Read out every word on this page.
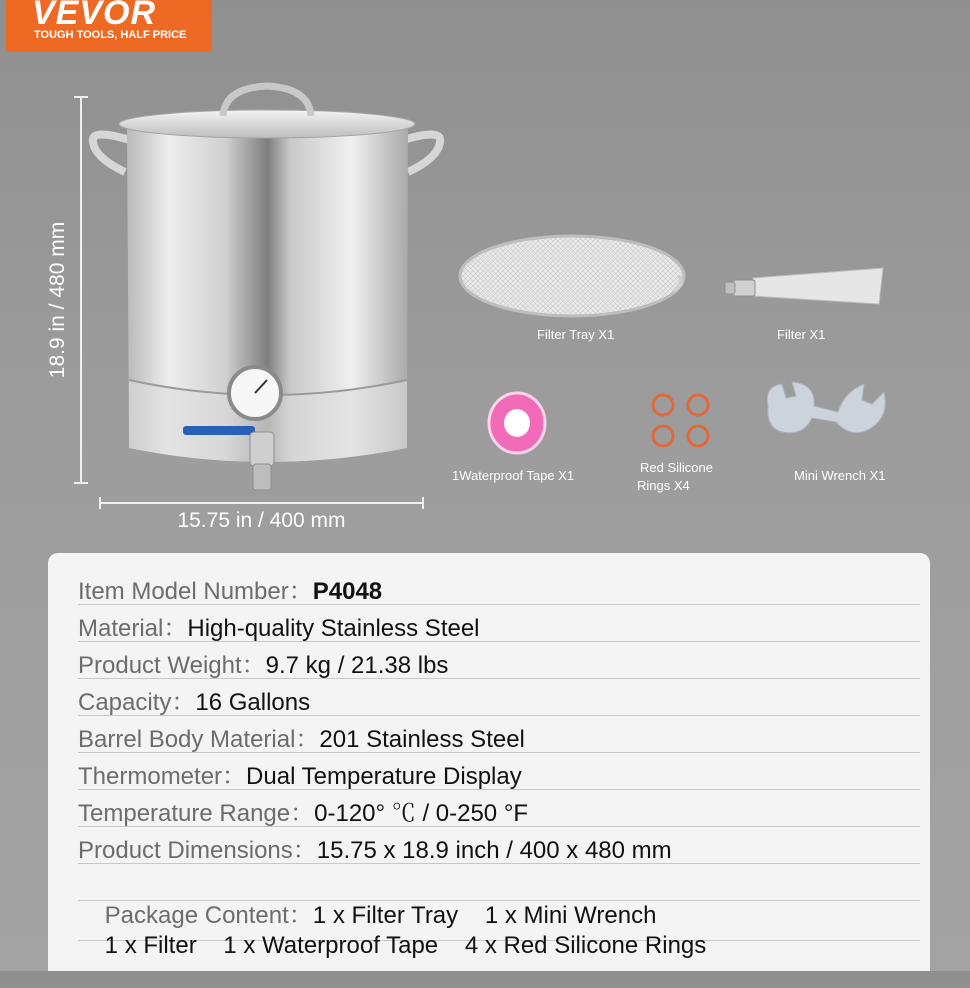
VEVOR
TOUGH TOOLS, HALF PRICE
18.9 in / 480 mm
15.75 in / 400 mm
Filter Tray X1	Filter X1
1Waterproof Tape X1
Red Silicone
Rings X4
Mini Wrench X1
Item Model Number：P4048
Material：High-quality Stainless Steel
Product Weight：9.7 kg / 21.38 lbs
Capacity：16 Gallons
Barrel Body Material：201 Stainless Steel
Thermometer：Dual Temperature Display
Temperature Range：0-120° ℃ / 0-250 °F
Product Dimensions：15.75 x 18.9 inch / 400 x 480 mm

Package Content：1 x Filter Tray    1 x Mini Wrench

1 x Filter    1 x Waterproof Tape    4 x Red Silicone Rings
